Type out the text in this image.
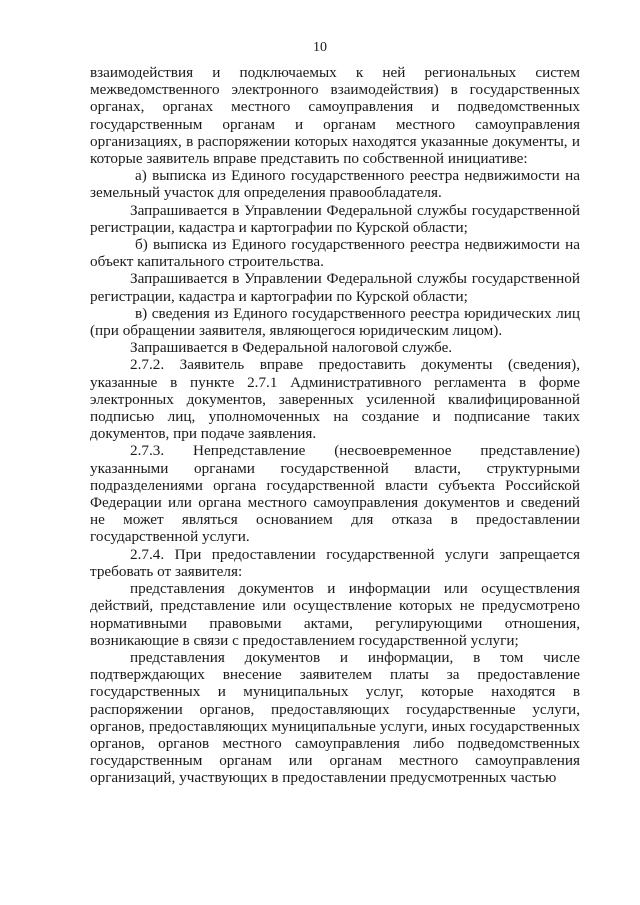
10

взаимодействия и подключаемых к ней региональных систем межведомственного электронного взаимодействия) в государственных органах, органах местного самоуправления и подведомственных государственным органам и органам местного самоуправления организациях, в распоряжении которых находятся указанные документы, и которые заявитель вправе представить по собственной инициативе:

а) выписка из Единого государственного реестра недвижимости на земельный участок для определения правообладателя.

Запрашивается в Управлении Федеральной службы государственной регистрации, кадастра и картографии по Курской области;

б) выписка из Единого государственного реестра недвижимости на объект капитального строительства.

Запрашивается в Управлении Федеральной службы государственной регистрации, кадастра и картографии по Курской области;

в) сведения из Единого государственного реестра юридических лиц (при обращении заявителя, являющегося юридическим лицом).

Запрашивается в Федеральной налоговой службе.

2.7.2. Заявитель вправе предоставить документы (сведения), указанные в пункте 2.7.1 Административного регламента в форме электронных документов, заверенных усиленной квалифицированной подписью лиц, уполномоченных на создание и подписание таких документов, при подаче заявления.

2.7.3. Непредставление (несвоевременное представление) указанными органами государственной власти, структурными подразделениями органа государственной власти субъекта Российской Федерации или органа местного самоуправления документов и сведений не может являться основанием для отказа в предоставлении государственной услуги.

2.7.4. При предоставлении государственной услуги запрещается требовать от заявителя:

представления документов и информации или осуществления действий, представление или осуществление которых не предусмотрено нормативными правовыми актами, регулирующими отношения, возникающие в связи с предоставлением государственной услуги;

представления документов и информации, в том числе подтверждающих внесение заявителем платы за предоставление государственных и муниципальных услуг, которые находятся в распоряжении органов, предоставляющих государственные услуги, органов, предоставляющих муниципальные услуги, иных государственных органов, органов местного самоуправления либо подведомственных государственным органам или органам местного самоуправления организаций, участвующих в предоставлении предусмотренных частью
